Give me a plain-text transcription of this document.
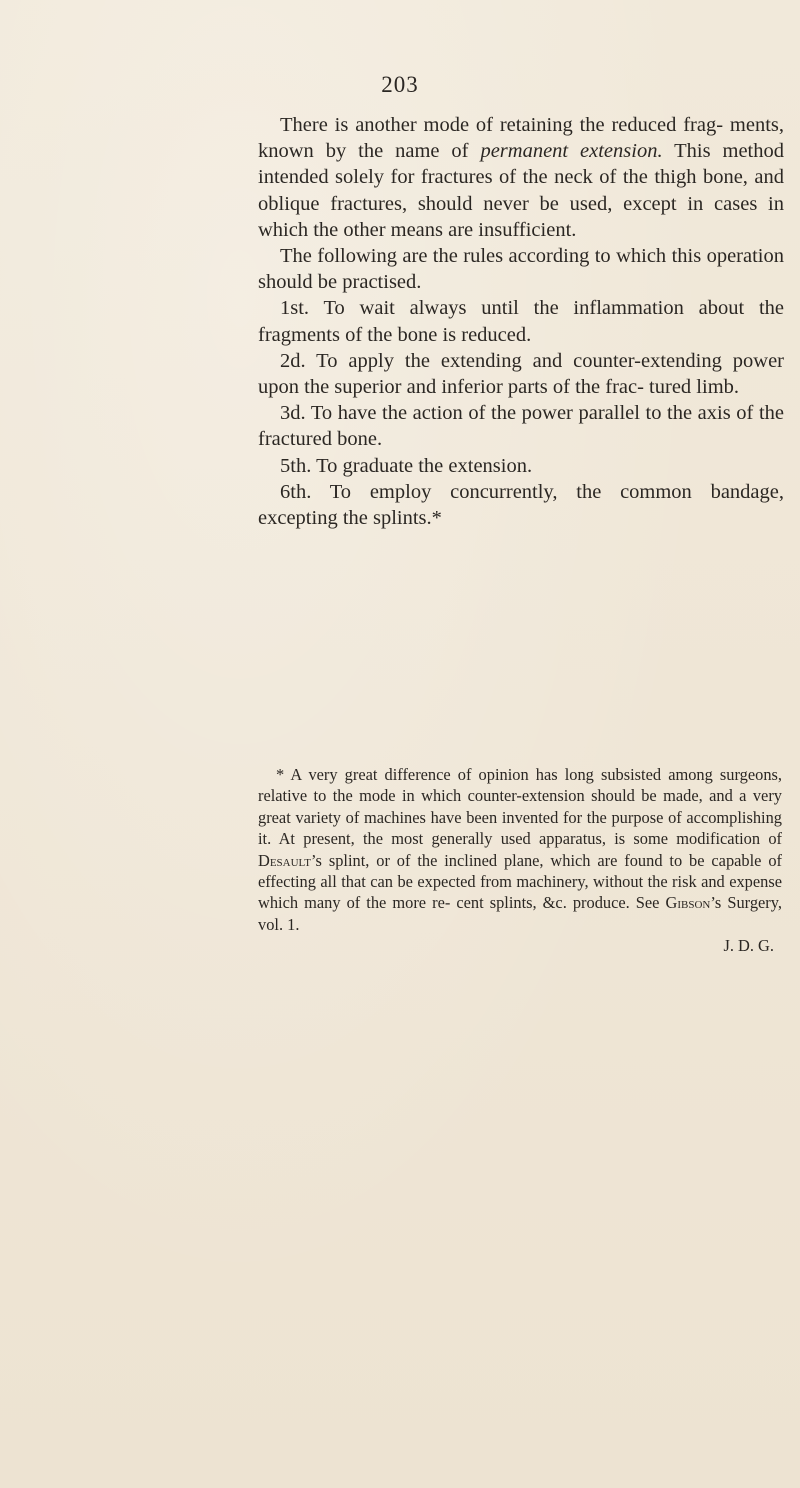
203

There is another mode of retaining the reduced frag- ments, known by the name of permanent extension. This method intended solely for fractures of the neck of the thigh bone, and oblique fractures, should never be used, except in cases in which the other means are insufficient.

The following are the rules according to which this operation should be practised.

1st. To wait always until the inflammation about the fragments of the bone is reduced.

2d. To apply the extending and counter-extending power upon the superior and inferior parts of the frac- tured limb.

3d. To have the action of the power parallel to the axis of the fractured bone.

5th. To graduate the extension.

6th. To employ concurrently, the common bandage, excepting the splints.*

* A very great difference of opinion has long subsisted among surgeons, relative to the mode in which counter-extension should be made, and a very great variety of machines have been invented for the purpose of accomplishing it. At present, the most generally used apparatus, is some modification of Desault’s splint, or of the inclined plane, which are found to be capable of effecting all that can be expected from machinery, without the risk and expense which many of the more re- cent splints, &c. produce. See Gibson’s Surgery, vol. 1.

J. D. G.
